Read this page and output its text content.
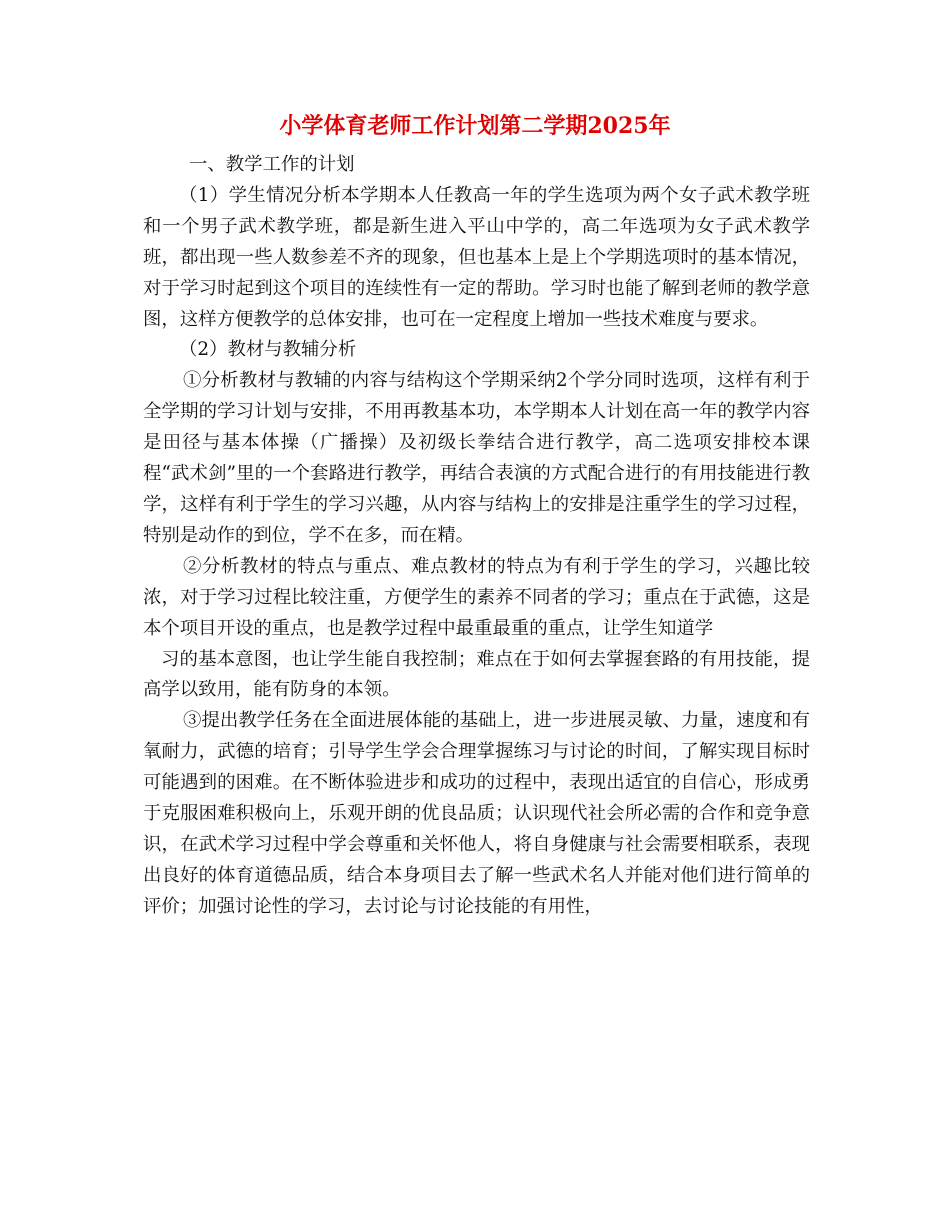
小学体育老师工作计划第二学期2025年

一、教学工作的计划

（1）学生情况分析本学期本人任教高一年的学生选项为两个女子武术教学班和一个男子武术教学班，都是新生进入平山中学的，高二年选项为女子武术教学班，都出现一些人数参差不齐的现象，但也基本上是上个学期选项时的基本情况，对于学习时起到这个项目的连续性有一定的帮助。学习时也能了解到老师的教学意图，这样方便教学的总体安排，也可在一定程度上增加一些技术难度与要求。

（2）教材与教辅分析

①分析教材与教辅的内容与结构这个学期采纳2个学分同时选项，这样有利于全学期的学习计划与安排，不用再教基本功，本学期本人计划在高一年的教学内容是田径与基本体操（广播操）及初级长拳结合进行教学，高二选项安排校本课程“武术剑”里的一个套路进行教学，再结合表演的方式配合进行的有用技能进行教学，这样有利于学生的学习兴趣，从内容与结构上的安排是注重学生的学习过程，特别是动作的到位，学不在多，而在精。

②分析教材的特点与重点、难点教材的特点为有利于学生的学习，兴趣比较浓，对于学习过程比较注重，方便学生的素养不同者的学习；重点在于武德，这是本个项目开设的重点，也是教学过程中最重最重的重点，让学生知道学

习的基本意图，也让学生能自我控制；难点在于如何去掌握套路的有用技能，提高学以致用，能有防身的本领。

③提出教学任务在全面进展体能的基础上，进一步进展灵敏、力量，速度和有氧耐力，武德的培育；引导学生学会合理掌握练习与讨论的时间，了解实现目标时可能遇到的困难。在不断体验进步和成功的过程中，表现出适宜的自信心，形成勇于克服困难积极向上，乐观开朗的优良品质；认识现代社会所必需的合作和竞争意识，在武术学习过程中学会尊重和关怀他人，将自身健康与社会需要相联系，表现出良好的体育道德品质，结合本身项目去了解一些武术名人并能对他们进行简单的评价；加强讨论性的学习，去讨论与讨论技能的有用性，
